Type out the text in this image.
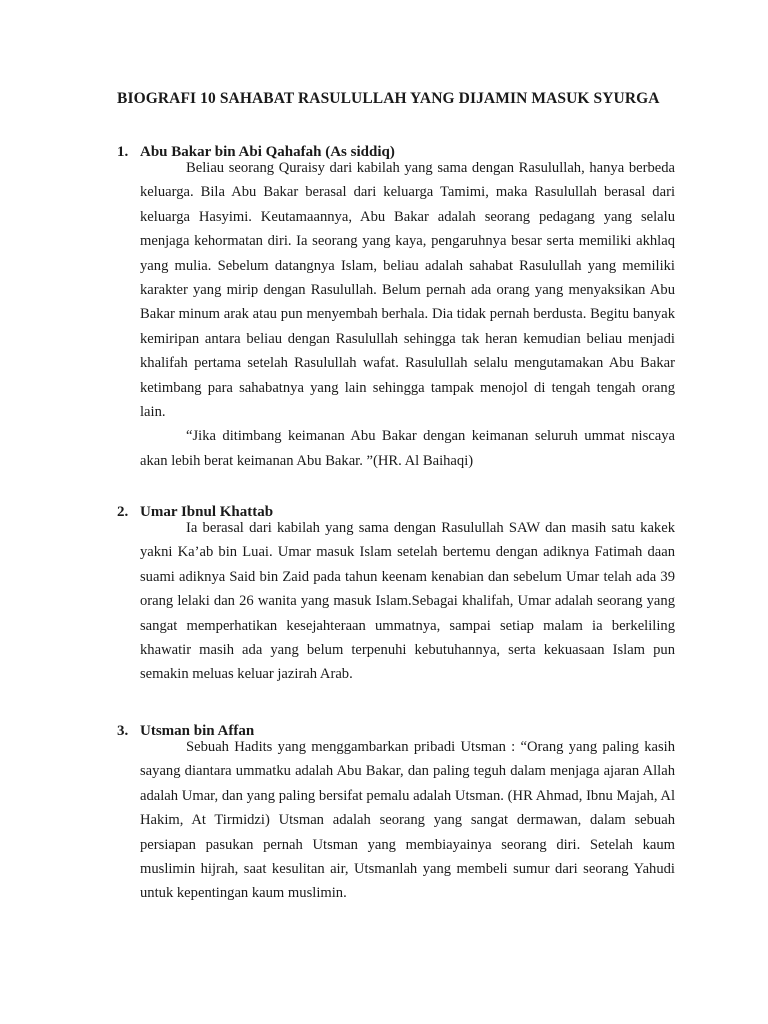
BIOGRAFI 10 SAHABAT RASULULLAH YANG DIJAMIN MASUK SYURGA
1. Abu Bakar bin Abi Qahafah (As siddiq)

Beliau seorang Quraisy dari kabilah yang sama dengan Rasulullah, hanya berbeda keluarga. Bila Abu Bakar berasal dari keluarga Tamimi, maka Rasulullah berasal dari keluarga Hasyimi. Keutamaannya, Abu Bakar adalah seorang pedagang yang selalu menjaga kehormatan diri. Ia seorang yang kaya, pengaruhnya besar serta memiliki akhlaq yang mulia. Sebelum datangnya Islam, beliau adalah sahabat Rasulullah yang memiliki karakter yang mirip dengan Rasulullah. Belum pernah ada orang yang menyaksikan Abu Bakar minum arak atau pun menyembah berhala. Dia tidak pernah berdusta. Begitu banyak kemiripan antara beliau dengan Rasulullah sehingga tak heran kemudian beliau menjadi khalifah pertama setelah Rasulullah wafat. Rasulullah selalu mengutamakan Abu Bakar ketimbang para sahabatnya yang lain sehingga tampak menojol di tengah tengah orang lain.

“Jika ditimbang keimanan Abu Bakar dengan keimanan seluruh ummat niscaya akan lebih berat keimanan Abu Bakar. ”(HR. Al Baihaqi)

2. Umar Ibnul Khattab

Ia berasal dari kabilah yang sama dengan Rasulullah SAW dan masih satu kakek yakni Ka’ab bin Luai. Umar masuk Islam setelah bertemu dengan adiknya Fatimah daan suami adiknya Said bin Zaid pada tahun keenam kenabian dan sebelum Umar telah ada 39 orang lelaki dan 26 wanita yang masuk Islam.Sebagai khalifah, Umar adalah seorang yang sangat memperhatikan kesejahteraan ummatnya, sampai setiap malam ia berkeliling khawatir masih ada yang belum terpenuhi kebutuhannya, serta kekuasaan Islam pun semakin meluas keluar jazirah Arab.

3. Utsman bin Affan

Sebuah Hadits yang menggambarkan pribadi Utsman : “Orang yang paling kasih sayang diantara ummatku adalah Abu Bakar, dan paling teguh dalam menjaga ajaran Allah adalah Umar, dan yang paling bersifat pemalu adalah Utsman. (HR Ahmad, Ibnu Majah, Al Hakim, At Tirmidzi) Utsman adalah seorang yang sangat dermawan, dalam sebuah persiapan pasukan pernah Utsman yang membiayainya seorang diri. Setelah kaum muslimin hijrah, saat kesulitan air, Utsmanlah yang membeli sumur dari seorang Yahudi untuk kepentingan kaum muslimin.
